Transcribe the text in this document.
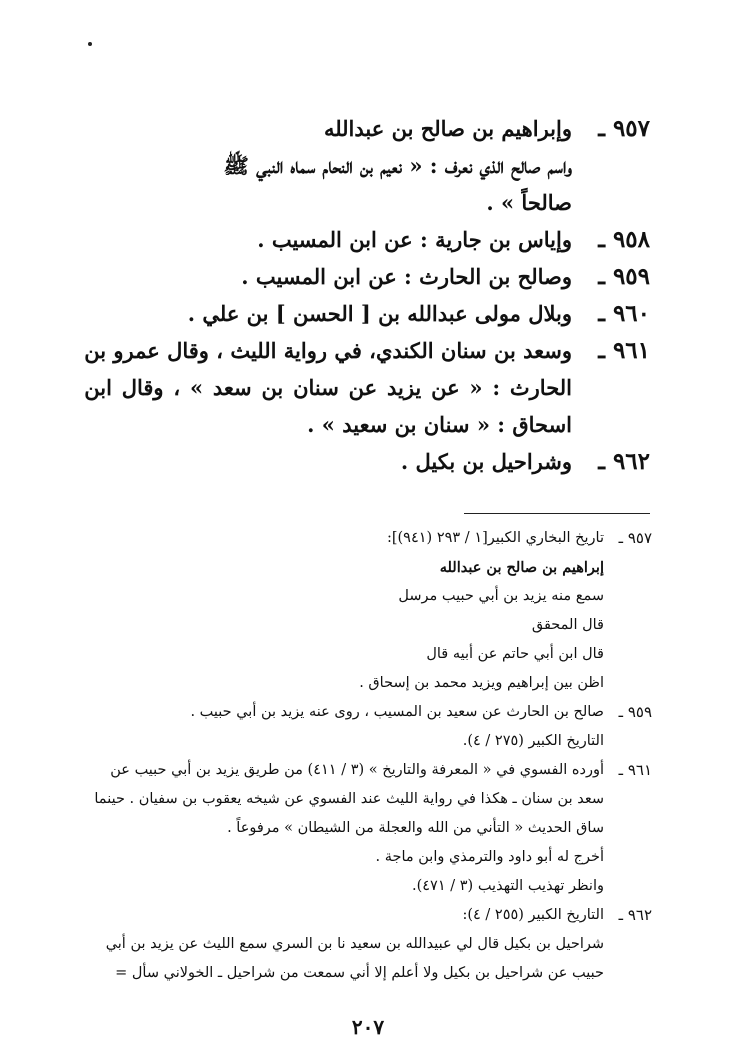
٩٥٧ ـ
وإبراهيم بن صالح بن عبدالله
واسم صالح الذي نعرف : « نعيم بن النحام سماه النبي ﷺ
صالحاً » .
٩٥٨ ـ
وإياس بن جارية : عن ابن المسيب .
٩٥٩ ـ
وصالح بن الحارث : عن ابن المسيب .
٩٦٠ ـ
وبلال مولى عبدالله بن [ الحسن ] بن علي .
٩٦١ ـ
وسعد بن سنان الكندي، في رواية الليث ، وقال عمرو بن
الحارث : « عن يزيد عن سنان بن سعد » ، وقال ابن
اسحاق : « سنان بن سعيد » .
٩٦٢ ـ
وشراحيل بن بكيل .
٩٥٧ ـ
تاريخ البخاري الكبير[١ / ٢٩٣ (٩٤١)]:
إبراهيم بن صالح بن عبدالله
سمع منه يزيد بن أبي حبيب مرسل
قال المحقق
قال ابن أبي حاتم عن أبيه قال
اظن بين إبراهيم ويزيد محمد بن إسحاق .
٩٥٩ ـ
صالح بن الحارث عن سعيد بن المسيب ، روى عنه يزيد بن أبي حبيب .
التاريخ الكبير (٢٧٥ / ٤).
٩٦١ ـ
أورده الفسوي في « المعرفة والتاريخ » (٣ / ٤١١) من طريق يزيد بن أبي حبيب عن
سعد بن سنان ـ هكذا في رواية الليث عند الفسوي عن شيخه يعقوب بن سفيان . حينما
ساق الحديث « التأني من الله والعجلة من الشيطان » مرفوعاً .
أخرج له أبو داود والترمذي وابن ماجة .
وانظر تهذيب التهذيب (٣ / ٤٧١).
٩٦٢ ـ
التاريخ الكبير (٢٥٥ / ٤):
شراحيل بن بكيل قال لي عبيدالله بن سعيد نا بن السري سمع الليث عن يزيد بن أبي
حبيب عن شراحيل بن بكيل ولا أعلم إلا أني سمعت من شراحيل ـ الخولاني سأل =
٢٠٧
